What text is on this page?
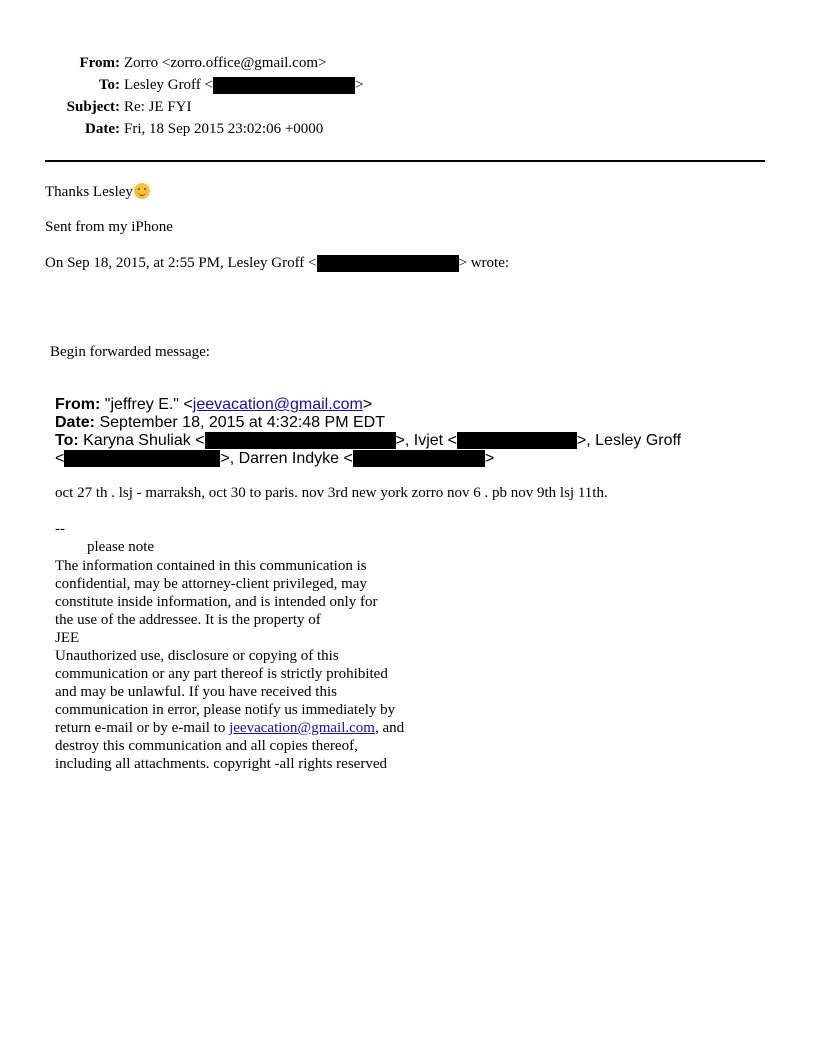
From: Zorro <zorro.office@gmail.com>
To: Lesley Groff <	>
Subject: Re: JE FYI
Date: Fri, 18 Sep 2015 23:02:06 +0000
Thanks Lesley
Sent from my iPhone
On Sep 18, 2015, at 2:55 PM, Lesley Groff <	> wrote:
Begin forwarded message:
From: "jeffrey E." <jeevacation@gmail.com>
Date: September 18, 2015 at 4:32:48 PM EDT
To: Karyna Shuliak <	>, Ivjet <	>, Lesley Groff
<	>, Darren Indyke <	>
oct 27 th . lsj - marraksh, oct 30 to paris. nov 3rd new york zorro nov 6 . pb nov 9th lsj 11th.
--
please note
The information contained in this communication is
confidential, may be attorney-client privileged, may
constitute inside information, and is intended only for
the use of the addressee. It is the property of
JEE
Unauthorized use, disclosure or copying of this
communication or any part thereof is strictly prohibited
and may be unlawful. If you have received this
communication in error, please notify us immediately by
return e-mail or by e-mail to jeevacation@gmail.com, and
destroy this communication and all copies thereof,
including all attachments. copyright -all rights reserved
